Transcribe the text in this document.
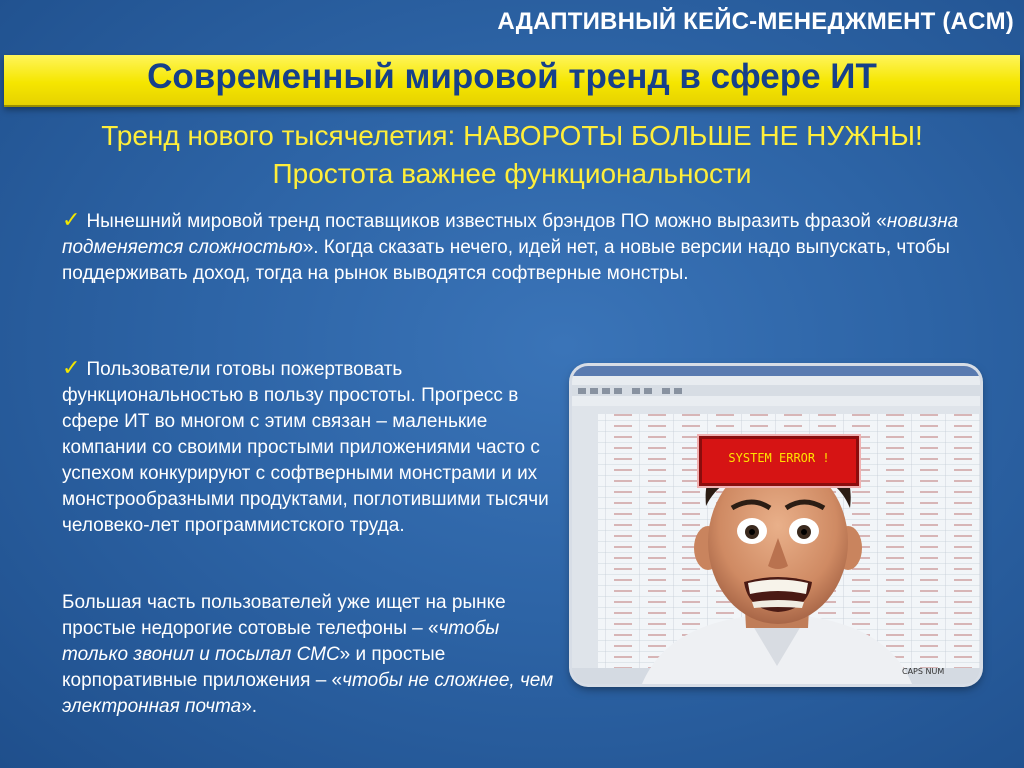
АДАПТИВНЫЙ КЕЙС-МЕНЕДЖМЕНТ (ACM)
Современный мировой тренд в сфере ИТ
Тренд нового тысячелетия: НАВОРОТЫ БОЛЬШЕ НЕ НУЖНЫ!
Простота важнее функциональности
✓ Нынешний мировой тренд поставщиков известных брэндов ПО можно выразить фразой «новизна подменяется сложностью». Когда сказать нечего, идей нет, а новые версии надо выпускать, чтобы поддерживать доход, тогда на рынок выводятся софтверные монстры.
✓ Пользователи готовы пожертвовать функциональностью в пользу простоты. Прогресс в сфере ИТ во многом с этим связан – маленькие компании со своими простыми приложениями часто с успехом конкурируют с софтверными монстрами и их монстрообразными продуктами, поглотившими тысячи человеко-лет программистского труда.
Большая часть пользователей уже ищет на рынке простые недорогие сотовые телефоны – «чтобы только звонил и посылал СМС» и простые корпоративные приложения – «чтобы не сложнее, чем электронная почта».
SYSTEM ERROR !
CAPS NUM
